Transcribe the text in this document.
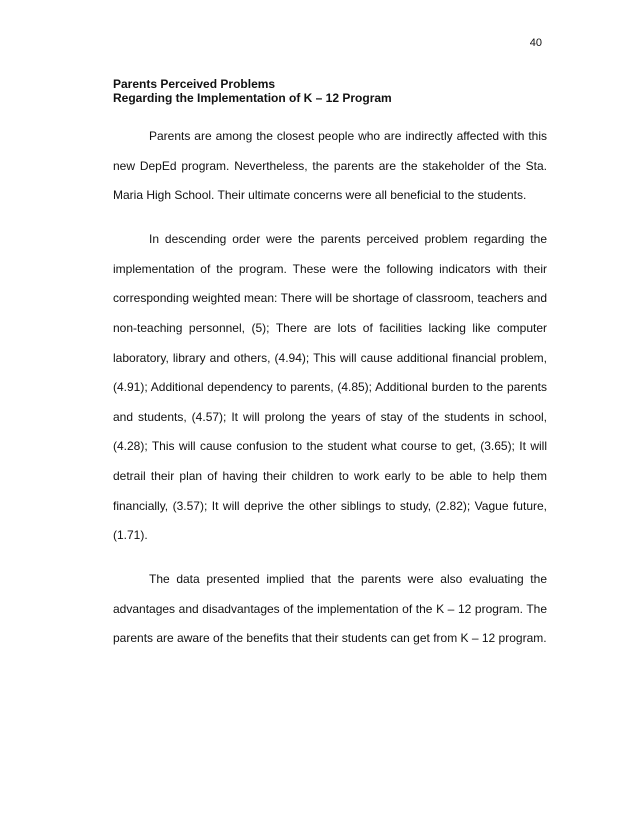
40
Parents Perceived Problems
Regarding the Implementation of K – 12 Program

Parents are among the closest people who are indirectly affected with this new DepEd program. Nevertheless, the parents are the stakeholder of the Sta. Maria High School. Their ultimate concerns were all beneficial to the students.

In descending order were the parents perceived problem regarding the implementation of the program. These were the following indicators with their corresponding weighted mean: There will be shortage of classroom, teachers and non-teaching personnel, (5); There are lots of facilities lacking like computer laboratory, library and others, (4.94); This will cause additional financial problem, (4.91); Additional dependency to parents, (4.85); Additional burden to the parents and students, (4.57); It will prolong the years of stay of the students in school, (4.28); This will cause confusion to the student what course to get, (3.65); It will detrail their plan of having their children to work early to be able to help them financially, (3.57); It will deprive the other siblings to study, (2.82); Vague future, (1.71).

The data presented implied that the parents were also evaluating the advantages and disadvantages of the implementation of the K – 12 program. The parents are aware of the benefits that their students can get from K – 12 program.
